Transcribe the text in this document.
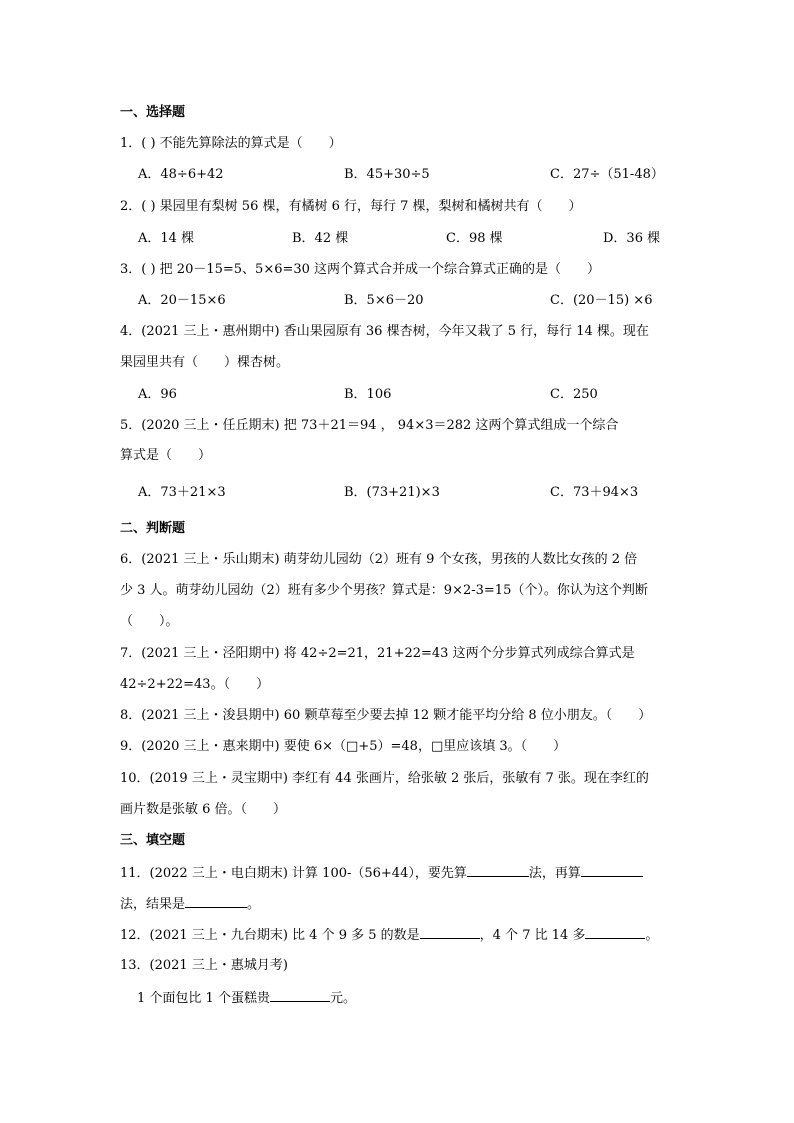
一、选择题
1．( ) 不能先算除法的算式是（　　）
A．48÷6+42	B．45+30÷5	C．27÷（51-48）
2．( ) 果园里有梨树 56 棵，有橘树 6 行，每行 7 棵，梨树和橘树共有（　　）
A．14 棵	B．42 棵	C．98 棵	D．36 棵
3．( ) 把 20－15=5、5×6=30 这两个算式合并成一个综合算式正确的是（　　）
A．20－15×6	B．5×6－20	C．(20－15) ×6
4．(2021 三上・惠州期中) 香山果园原有 36 棵杏树，今年又栽了 5 行，每行 14 棵。现在
果园里共有（　　）棵杏树。
A．96	B．106	C．250
5．(2020 三上・任丘期末) 把 73＋21＝94 ， 94×3＝282 这两个算式组成一个综合
算式是（　　）
A．73＋21×3	B．(73+21)×3	C．73＋94×3
二、判断题
6．(2021 三上・乐山期末) 萌芽幼儿园幼（2）班有 9 个女孩，男孩的人数比女孩的 2 倍
少 3 人。萌芽幼儿园幼（2）班有多少个男孩？算式是：9×2-3=15（个）。你认为这个判断
（　　）。
7．(2021 三上・泾阳期中) 将 42÷2=21，21+22=43 这两个分步算式列成综合算式是
42÷2+22=43。（　　）
8．(2021 三上・浚县期中) 60 颗草莓至少要去掉 12 颗才能平均分给 8 位小朋友。（　　）
9．(2020 三上・惠来期中) 要使 6×（□+5）=48，□里应该填 3。（　　）
10．(2019 三上・灵宝期中) 李红有 44 张画片，给张敏 2 张后，张敏有 7 张。现在李红的
画片数是张敏 6 倍。（　　）
三、填空题
11．(2022 三上・电白期末) 计算 100-（56+44），要先算	法，再算
法，结果是	。
12．(2021 三上・九台期末) 比 4 个 9 多 5 的数是	，4 个 7 比 14 多	。
13．(2021 三上・惠城月考)
1 个面包比 1 个蛋糕贵	元。
